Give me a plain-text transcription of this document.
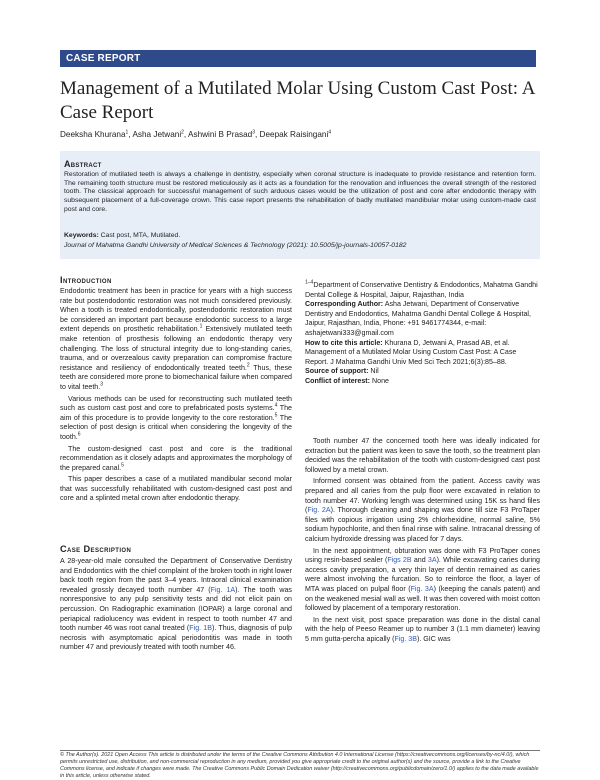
CASE REPORT
Management of a Mutilated Molar Using Custom Cast Post: A Case Report
Deeksha Khurana$^1$, Asha Jetwani$^2$, Ashwini B Prasad$^3$, Deepak Raisingani$^4$
Abstract
Restoration of mutilated teeth is always a challenge in dentistry, especially when coronal structure is inadequate to provide resistance and retention form. The remaining tooth structure must be restored meticulously as it acts as a foundation for the renovation and influences the overall strength of the restored tooth. The classical approach for successful management of such arduous cases would be the utilization of post and core after endodontic therapy with subsequent placement of a full-coverage crown. This case report presents the rehabilitation of badly mutilated mandibular molar using custom-made cast post and core.
Keywords: Cast post, MTA, Mutilated.
Journal of Mahatma Gandhi University of Medical Sciences & Technology (2021): 10.5005/jp-journals-10057-0182
Introduction

Endodontic treatment has been in practice for years with a high success rate but postendodontic restoration was not much considered previously. When a tooth is treated endodontically, postendodontic restoration must be considered an important part because endodontic success to a large extent depends on prosthetic rehabilitation.$^1$ Extensively mutilated teeth make retention of prosthesis following an endodontic therapy very challenging. The loss of structural integrity due to long-standing caries, trauma, and or overzealous cavity preparation can compromise fracture resistance and resiliency of endodontically treated teeth.$^2$ Thus, these teeth are considered more prone to biomechanical failure when compared to vital teeth.$^3$

Various methods can be used for reconstructing such mutilated teeth such as custom cast post and core to prefabricated posts systems.$^4$ The aim of this procedure is to provide longevity to the core restoration.$^5$ The selection of post design is critical when considering the longevity of the tooth.$^6$

The custom-designed cast post and core is the traditional recommendation as it closely adapts and approximates the morphology of the prepared canal.$^5$

This paper describes a case of a mutilated mandibular second molar that was successfully rehabilitated with custom-designed cast post and core and a splinted metal crown after endodontic therapy.

Case Description

A 28-year-old male consulted the Department of Conservative Dentistry and Endodontics with the chief complaint of the broken tooth in right lower back tooth region from the past 3–4 years. Intraoral clinical examination revealed grossly decayed tooth number 47 (Fig. 1A). The tooth was nonresponsive to any pulp sensitivity tests and did not elicit pain on percussion. On Radiographic examination (IOPAR) a large coronal and periapical radiolucency was evident in respect to tooth number 47 and tooth number 46 was root canal treated (Fig. 1B). Thus, diagnosis of pulp necrosis with asymptomatic apical periodontitis was made in tooth number 47 and previously treated with tooth number 46.

$^{1-4}$Department of Conservative Dentistry & Endodontics, Mahatma Gandhi Dental College & Hospital, Jaipur, Rajasthan, India

Corresponding Author: Asha Jetwani, Department of Conservative Dentistry and Endodontics, Mahatma Gandhi Dental College & Hospital, Jaipur, Rajasthan, India, Phone: +91 9461774344, e-mail: ashajetwani333@gmail.com

How to cite this article: Khurana D, Jetwani A, Prasad AB, et al. Management of a Mutilated Molar Using Custom Cast Post: A Case Report. J Mahatma Gandhi Univ Med Sci Tech 2021;6(3):85–88.

Source of support: Nil

Conflict of interest: None

Tooth number 47 the concerned tooth here was ideally indicated for extraction but the patient was keen to save the tooth, so the treatment plan decided was the rehabilitation of the tooth with custom-designed cast post followed by a metal crown.

Informed consent was obtained from the patient. Access cavity was prepared and all caries from the pulp floor were excavated in relation to tooth number 47. Working length was determined using 15K ss hand files (Fig. 2A). Thorough cleaning and shaping was done till size F3 ProTaper files with copious irrigation using 2% chlorhexidine, normal saline, 5% sodium hypochlorite, and then final rinse with saline. Intracanal dressing of calcium hydroxide dressing was placed for 7 days.

In the next appointment, obturation was done with F3 ProTaper cones using resin-based sealer (Figs 2B and 3A). While excavating caries during access cavity preparation, a very thin layer of dentin remained as caries were almost involving the furcation. So to reinforce the floor, a layer of MTA was placed on pulpal floor (Fig. 3A) (keeping the canals patent) and on the weakened mesial wall as well. It was then covered with moist cotton followed by placement of a temporary restoration.

In the next visit, post space preparation was done in the distal canal with the help of Peeso Reamer up to number 3 (1.1 mm diameter) leaving 5 mm gutta-percha apically (Fig. 3B). GIC was

© The Author(s). 2021 Open Access This article is distributed under the terms of the Creative Commons Attribution 4.0 International License (https://creativecommons.org/licenses/by-nc/4.0/), which permits unrestricted use, distribution, and non-commercial reproduction in any medium, provided you give appropriate credit to the original author(s) and the source, provide a link to the Creative Commons license, and indicate if changes were made. The Creative Commons Public Domain Dedication waiver (http://creativecommons.org/publicdomain/zero/1.0/) applies to the data made available in this article, unless otherwise stated.
